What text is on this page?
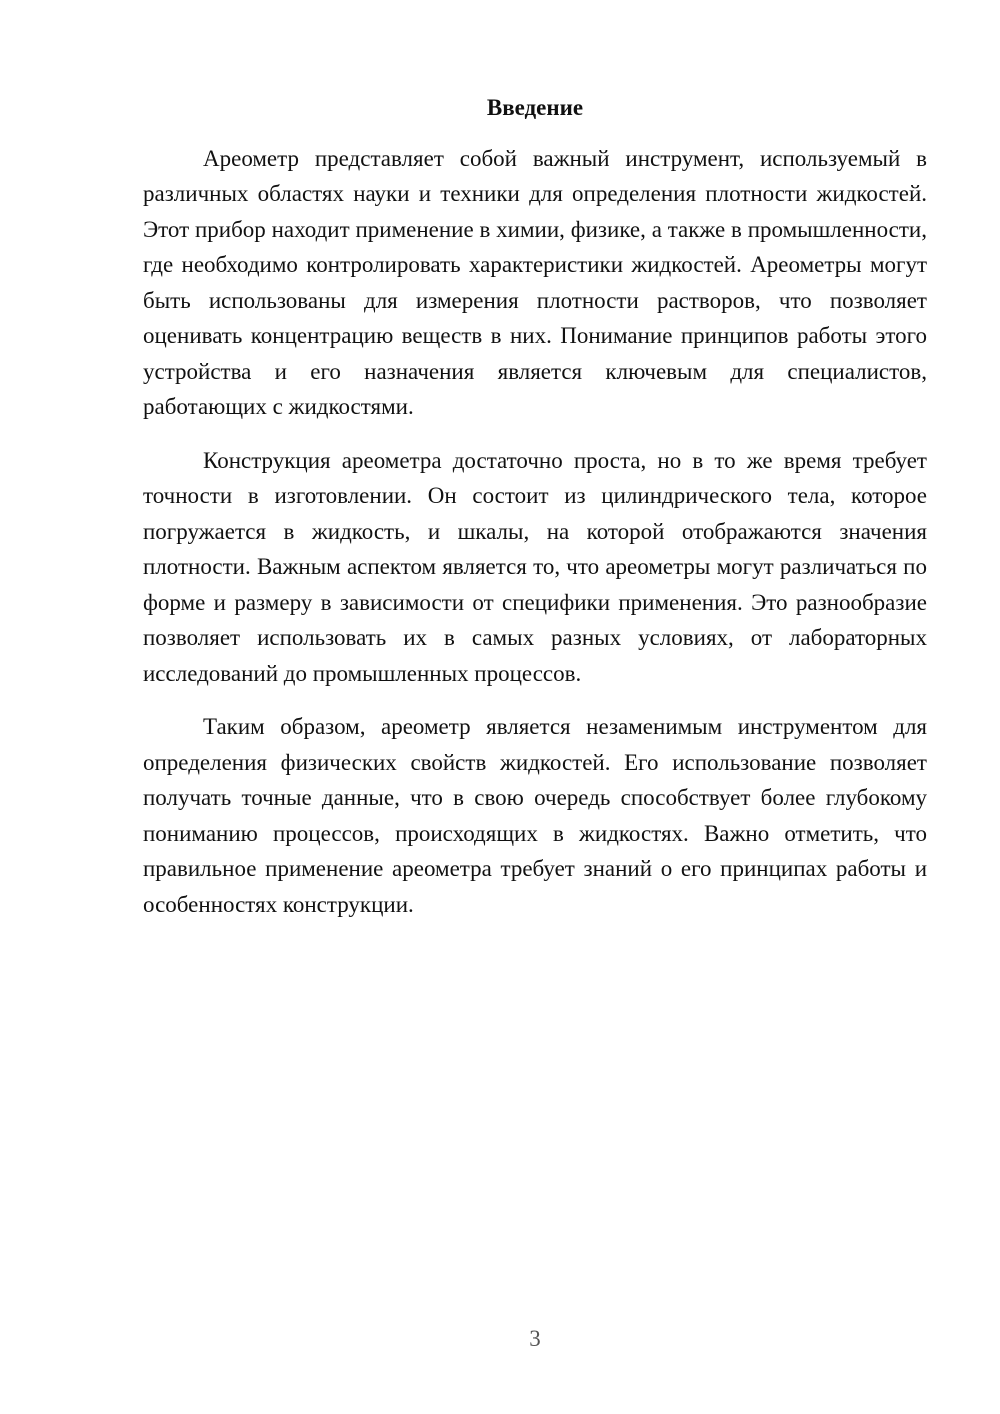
Введение

Ареометр представляет собой важный инструмент, используемый в различных областях науки и техники для определения плотности жидкостей. Этот прибор находит применение в химии, физике, а также в промышленности, где необходимо контролировать характеристики жидкостей. Ареометры могут быть использованы для измерения плотности растворов, что позволяет оценивать концентрацию веществ в них. Понимание принципов работы этого устройства и его назначения является ключевым для специалистов, работающих с жидкостями.

Конструкция ареометра достаточно проста, но в то же время требует точности в изготовлении. Он состоит из цилиндрического тела, которое погружается в жидкость, и шкалы, на которой отображаются значения плотности. Важным аспектом является то, что ареометры могут различаться по форме и размеру в зависимости от специфики применения. Это разнообразие позволяет использовать их в самых разных условиях, от лабораторных исследований до промышленных процессов.

Таким образом, ареометр является незаменимым инструментом для определения физических свойств жидкостей. Его использование позволяет получать точные данные, что в свою очередь способствует более глубокому пониманию процессов, происходящих в жидкостях. Важно отметить, что правильное применение ареометра требует знаний о его принципах работы и особенностях конструкции.

3
